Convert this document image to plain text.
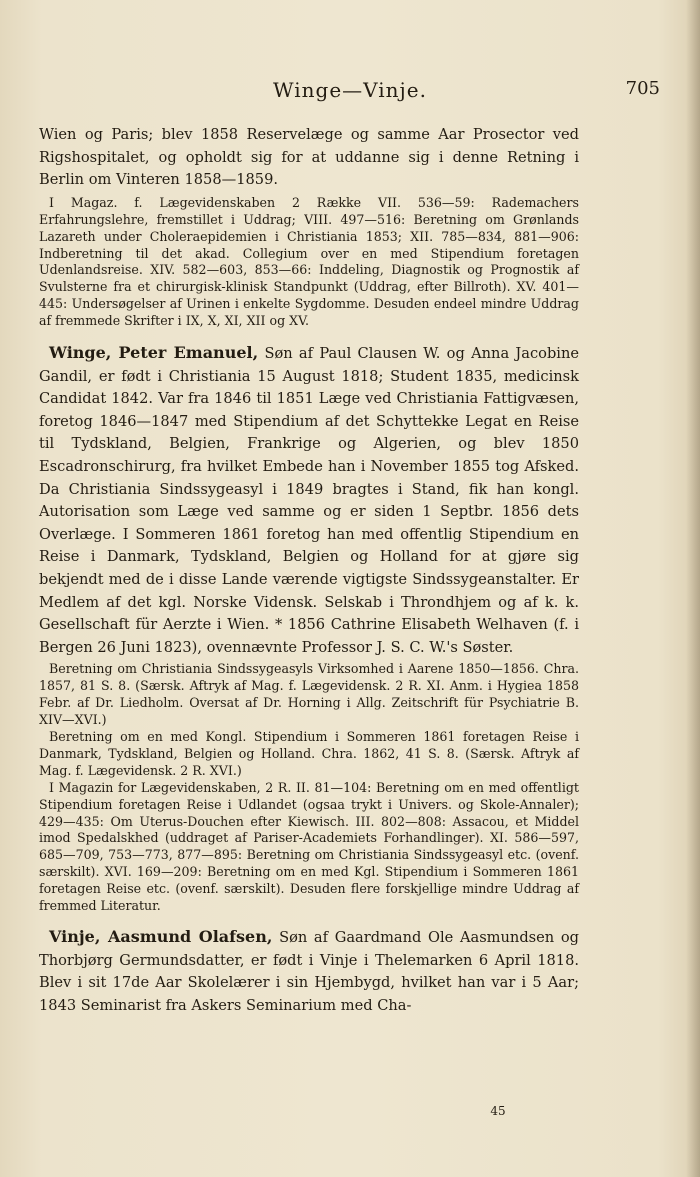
Winge—Vinje.	705

Wien og Paris; blev 1858 Reservelæge og samme Aar Prosector ved Rigshospitalet, og opholdt sig for at uddanne sig i denne Retning i Berlin om Vinteren 1858—1859.

I Magaz. f. Lægevidenskaben 2 Række VII. 536—59: Rademachers Erfahrungslehre, fremstillet i Uddrag; VIII. 497—516: Beretning om Grønlands Lazareth under Choleraepidemien i Christiania 1853; XII. 785—834, 881—906: Indberetning til det akad. Collegium over en med Stipendium foretagen Udenlandsreise. XIV. 582—603, 853—66: Inddeling, Diagnostik og Prognostik af Svulsterne fra et chirurgisk-klinisk Standpunkt (Uddrag, efter Billroth). XV. 401—445: Undersøgelser af Urinen i enkelte Sygdomme. Desuden endeel mindre Uddrag af fremmede Skrifter i IX, X, XI, XII og XV.

Winge, Peter Emanuel, Søn af Paul Clausen W. og Anna Jacobine Gandil, er født i Christiania 15 August 1818; Student 1835, medicinsk Candidat 1842. Var fra 1846 til 1851 Læge ved Christiania Fattigvæsen, foretog 1846—1847 med Stipendium af det Schyttekke Legat en Reise til Tydskland, Belgien, Frankrige og Algerien, og blev 1850 Escadronschirurg, fra hvilket Embede han i November 1855 tog Afsked. Da Christiania Sindssygeasyl i 1849 bragtes i Stand, fik han kongl. Autorisation som Læge ved samme og er siden 1 Septbr. 1856 dets Overlæge. I Sommeren 1861 foretog han med offentlig Stipendium en Reise i Danmark, Tydskland, Belgien og Holland for at gjøre sig bekjendt med de i disse Lande værende vigtigste Sindssygeanstalter. Er Medlem af det kgl. Norske Vidensk. Selskab i Throndhjem og af k. k. Gesellschaft für Aerzte i Wien. * 1856 Cathrine Elisabeth Welhaven (f. i Bergen 26 Juni 1823), ovennævnte Professor J. S. C. W.'s Søster.

Beretning om Christiania Sindssygeasyls Virksomhed i Aarene 1850—1856. Chra. 1857, 81 S. 8. (Særsk. Aftryk af Mag. f. Lægevidensk. 2 R. XI. Anm. i Hygiea 1858 Febr. af Dr. Liedholm. Oversat af Dr. Horning i Allg. Zeitschrift für Psychiatrie B. XIV—XVI.)

Beretning om en med Kongl. Stipendium i Sommeren 1861 foretagen Reise i Danmark, Tydskland, Belgien og Holland. Chra. 1862, 41 S. 8. (Særsk. Aftryk af Mag. f. Lægevidensk. 2 R. XVI.)

I Magazin for Lægevidenskaben, 2 R. II. 81—104: Beretning om en med offentligt Stipendium foretagen Reise i Udlandet (ogsaa trykt i Univers. og Skole-Annaler); 429—435: Om Uterus-Douchen efter Kiewisch. III. 802—808: Assacou, et Middel imod Spedalskhed (uddraget af Pariser-Academiets Forhandlinger). XI. 586—597, 685—709, 753—773, 877—895: Beretning om Christiania Sindssygeasyl etc. (ovenf. særskilt). XVI. 169—209: Beretning om en med Kgl. Stipendium i Sommeren 1861 foretagen Reise etc. (ovenf. særskilt). Desuden flere forskjellige mindre Uddrag af fremmed Literatur.

Vinje, Aasmund Olafsen, Søn af Gaardmand Ole Aasmundsen og Thorbjørg Germundsdatter, er født i Vinje i Thelemarken 6 April 1818. Blev i sit 17de Aar Skolelærer i sin Hjembygd, hvilket han var i 5 Aar; 1843 Seminarist fra Askers Seminarium med Cha-

45
